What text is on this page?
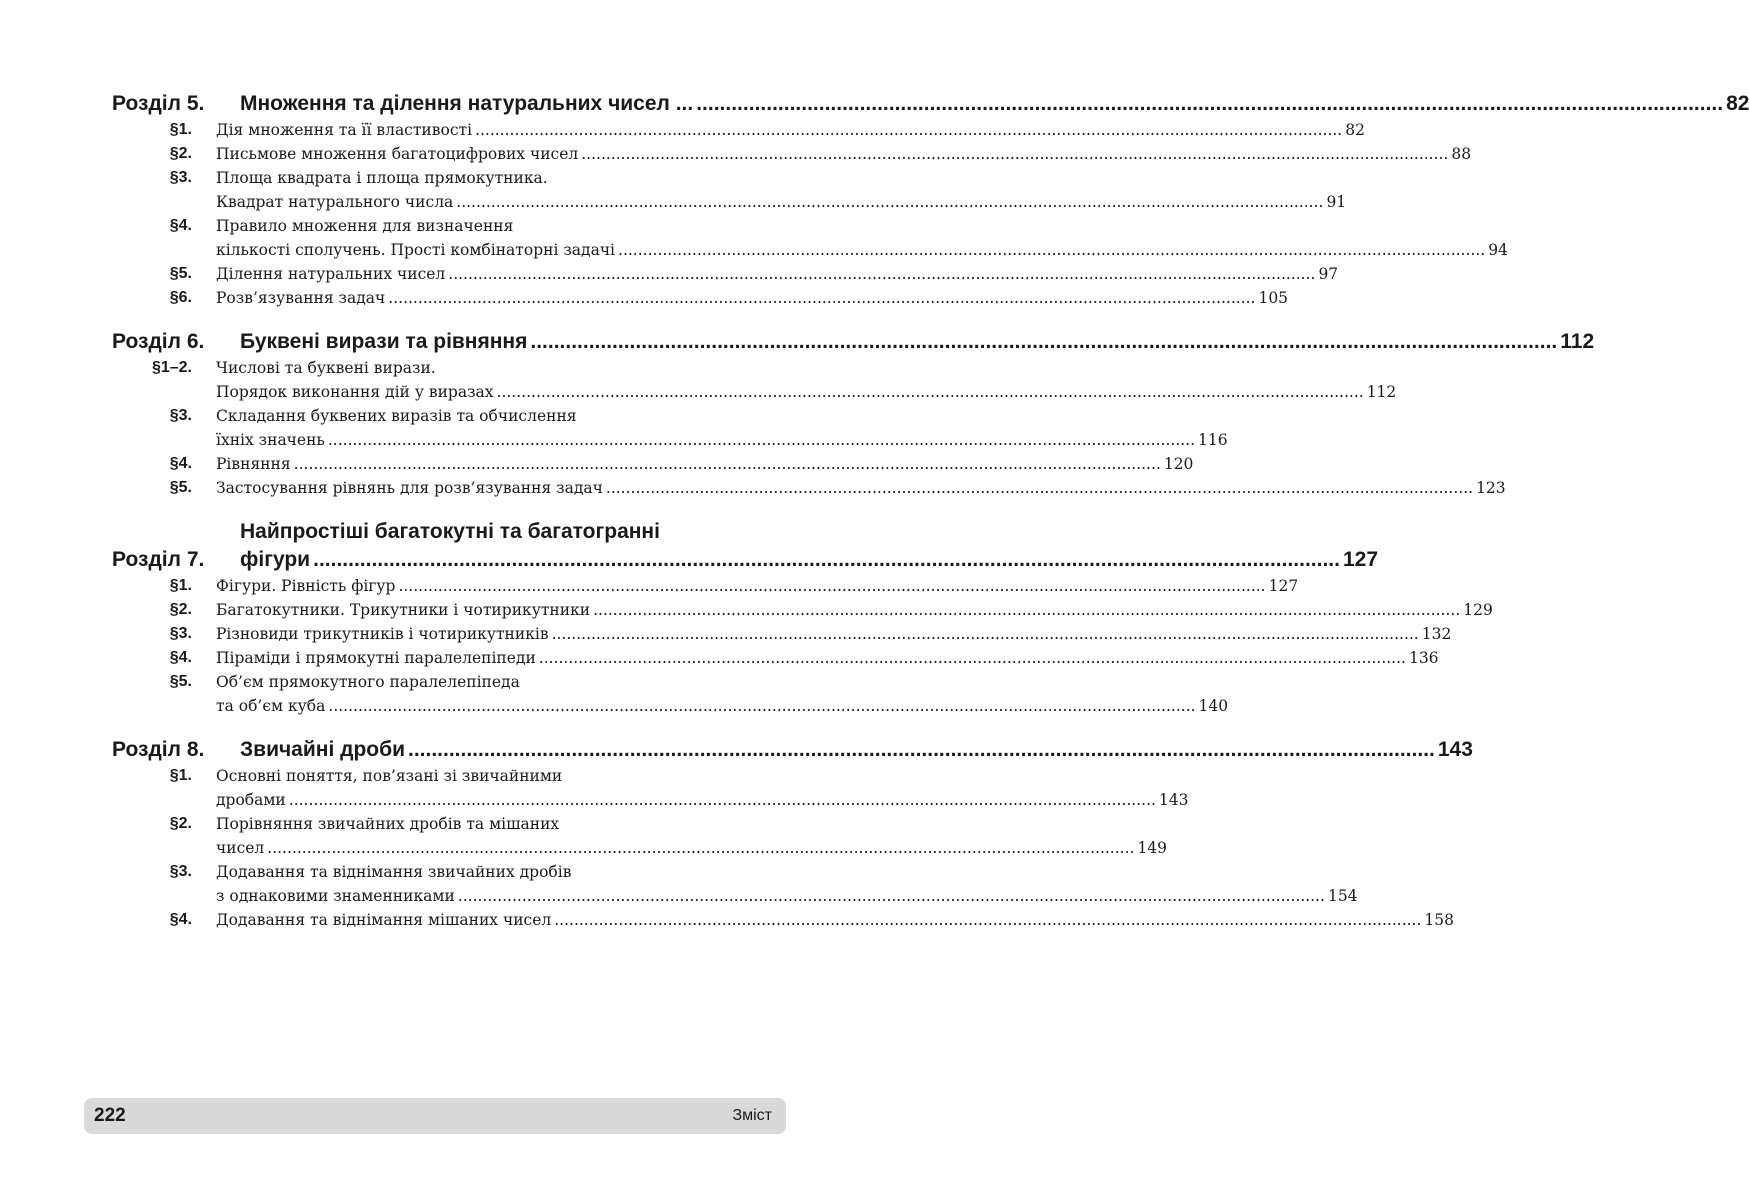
Розділ 5.	Множення та ділення натуральних чисел ... .....	82
§1.	Дія множення та її властивості .....	82
§2.	Письмове множення багатоцифрових чисел .....	88
§3.	Площа квадрата і площа прямокутника.
Квадрат натурального числа .....	91
§4.	Правило множення для визначення
кількості сполучень. Прості комбінаторні задачі .....	94
§5.	Ділення натуральних чисел .....	97
§6.	Розв’язування задач .....	105
Розділ 6.	Буквені вирази та рівняння .....	112
§1–2.	Числові та буквені вирази.
Порядок виконання дій у виразах .....	112
§3.	Складання буквених виразів та обчислення
їхніх значень .....	116
§4.	Рівняння .....	120
§5.	Застосування рівнянь для розв’язування задач .....	123
Розділ 7.
Найпростіші багатокутні та багатогранні
фігури .....	127
§1.	Фігури. Рівність фігур .....	127
§2.	Багатокутники. Трикутники і чотирикутники .....	129
§3.	Різновиди трикутників і чотирикутників .....	132
§4.	Піраміди і прямокутні паралелепіпеди .....	136
§5.	Об’єм прямокутного паралелепіпеда
та об’єм куба .....	140
Розділ 8.	Звичайні дроби .....	143
§1.	Основні поняття, пов’язані зі звичайними
дробами .....	143
§2.	Порівняння звичайних дробів та мішаних
чисел .....	149
§3.	Додавання та віднімання звичайних дробів
з однаковими знаменниками .....	154
§4.	Додавання та віднімання мішаних чисел .....	158
222	Зміст
